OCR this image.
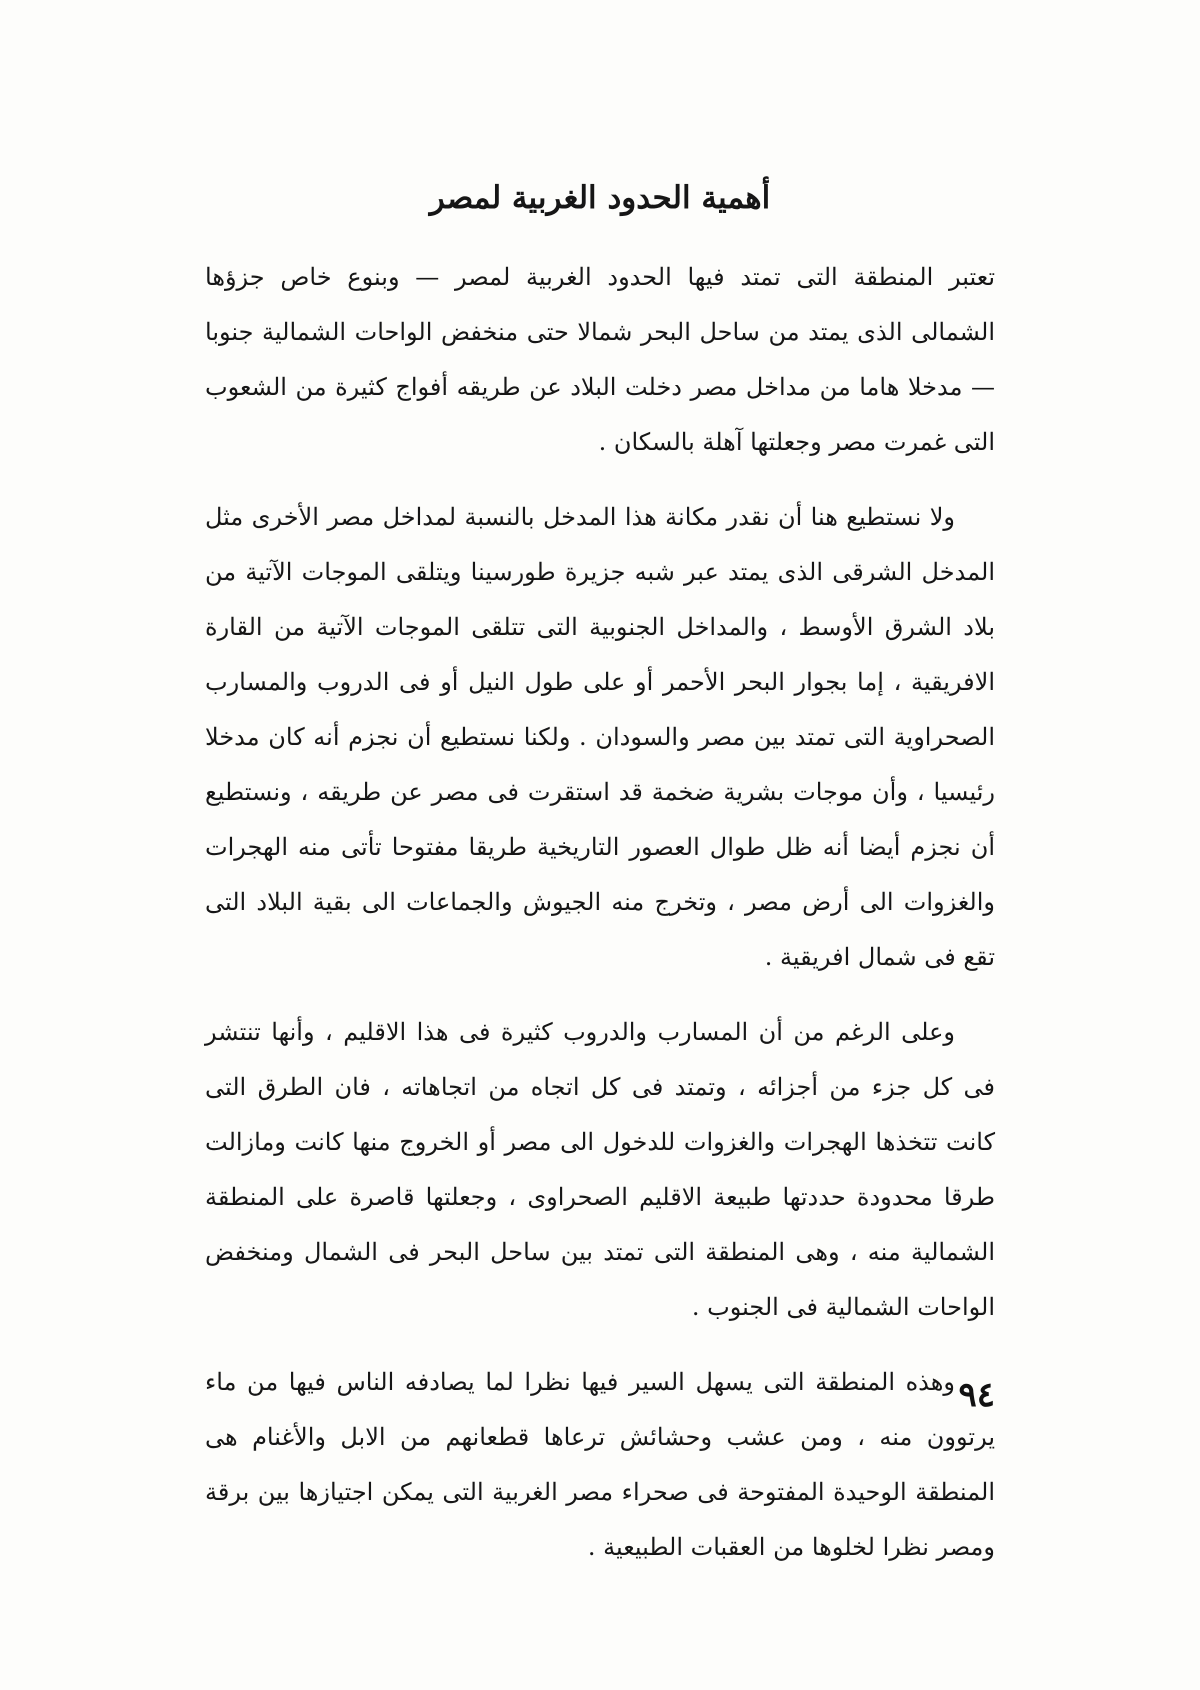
أهمية الحدود الغربية لمصر

تعتبر المنطقة التى تمتد فيها الحدود الغربية لمصر — وبنوع خاص جزؤها الشمالى الذى يمتد من ساحل البحر شمالا حتى منخفض الواحات الشمالية جنوبا — مدخلا هاما من مداخل مصر دخلت البلاد عن طريقه أفواج كثيرة من الشعوب التى غمرت مصر وجعلتها آهلة بالسكان .

ولا نستطيع هنا أن نقدر مكانة هذا المدخل بالنسبة لمداخل مصر الأخرى مثل المدخل الشرقى الذى يمتد عبر شبه جزيرة طورسينا ويتلقى الموجات الآتية من بلاد الشرق الأوسط ، والمداخل الجنوبية التى تتلقى الموجات الآتية من القارة الافريقية ، إما بجوار البحر الأحمر أو على طول النيل أو فى الدروب والمسارب الصحراوية التى تمتد بين مصر والسودان . ولكنا نستطيع أن نجزم أنه كان مدخلا رئيسيا ، وأن موجات بشرية ضخمة قد استقرت فى مصر عن طريقه ، ونستطيع أن نجزم أيضا أنه ظل طوال العصور التاريخية طريقا مفتوحا تأتى منه الهجرات والغزوات الى أرض مصر ، وتخرج منه الجيوش والجماعات الى بقية البلاد التى تقع فى شمال افريقية .

وعلى الرغم من أن المسارب والدروب كثيرة فى هذا الاقليم ، وأنها تنتشر فى كل جزء من أجزائه ، وتمتد فى كل اتجاه من اتجاهاته ، فان الطرق التى كانت تتخذها الهجرات والغزوات للدخول الى مصر أو الخروج منها كانت ومازالت طرقا محدودة حددتها طبيعة الاقليم الصحراوى ، وجعلتها قاصرة على المنطقة الشمالية منه ، وهى المنطقة التى تمتد بين ساحل البحر فى الشمال ومنخفض الواحات الشمالية فى الجنوب .

وهذه المنطقة التى يسهل السير فيها نظرا لما يصادفه الناس فيها من ماء يرتوون منه ، ومن عشب وحشائش ترعاها قطعانهم من الابل والأغنام هى المنطقة الوحيدة المفتوحة فى صحراء مصر الغربية التى يمكن اجتيازها بين برقة ومصر نظرا لخلوها من العقبات الطبيعية .

٩٤
